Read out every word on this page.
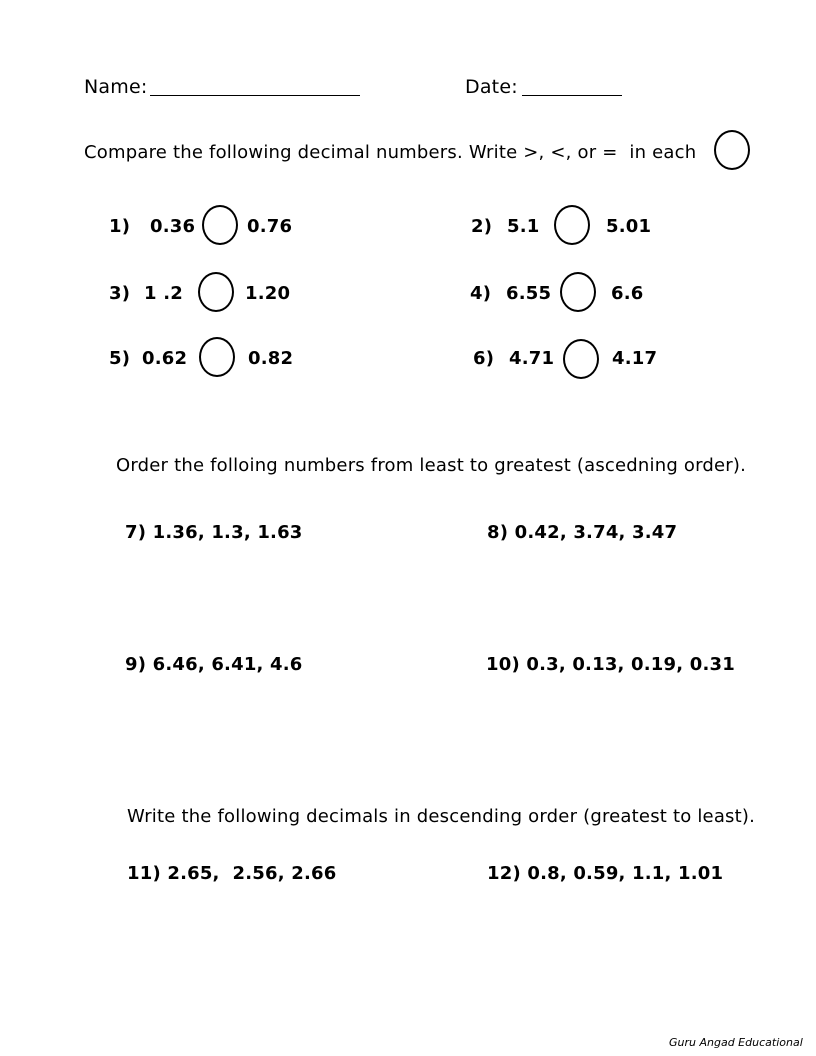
Name:	Date:
Compare the following decimal numbers. Write >, <, or =  in each
1) 0.36	0.76	2) 5.1	5.01
3) 1 .2	1.20	4) 6.55	6.6
5) 0.62	0.82	6) 4.71	4.17
Order the folloing numbers from least to greatest (ascedning order).
7) 1.36, 1.3, 1.63	8) 0.42, 3.74, 3.47
9) 6.46, 6.41, 4.6	10) 0.3, 0.13, 0.19, 0.31
Write the following decimals in descending order (greatest to least).
11) 2.65,  2.56, 2.66	12) 0.8, 0.59, 1.1, 1.01
Guru Angad Educational
